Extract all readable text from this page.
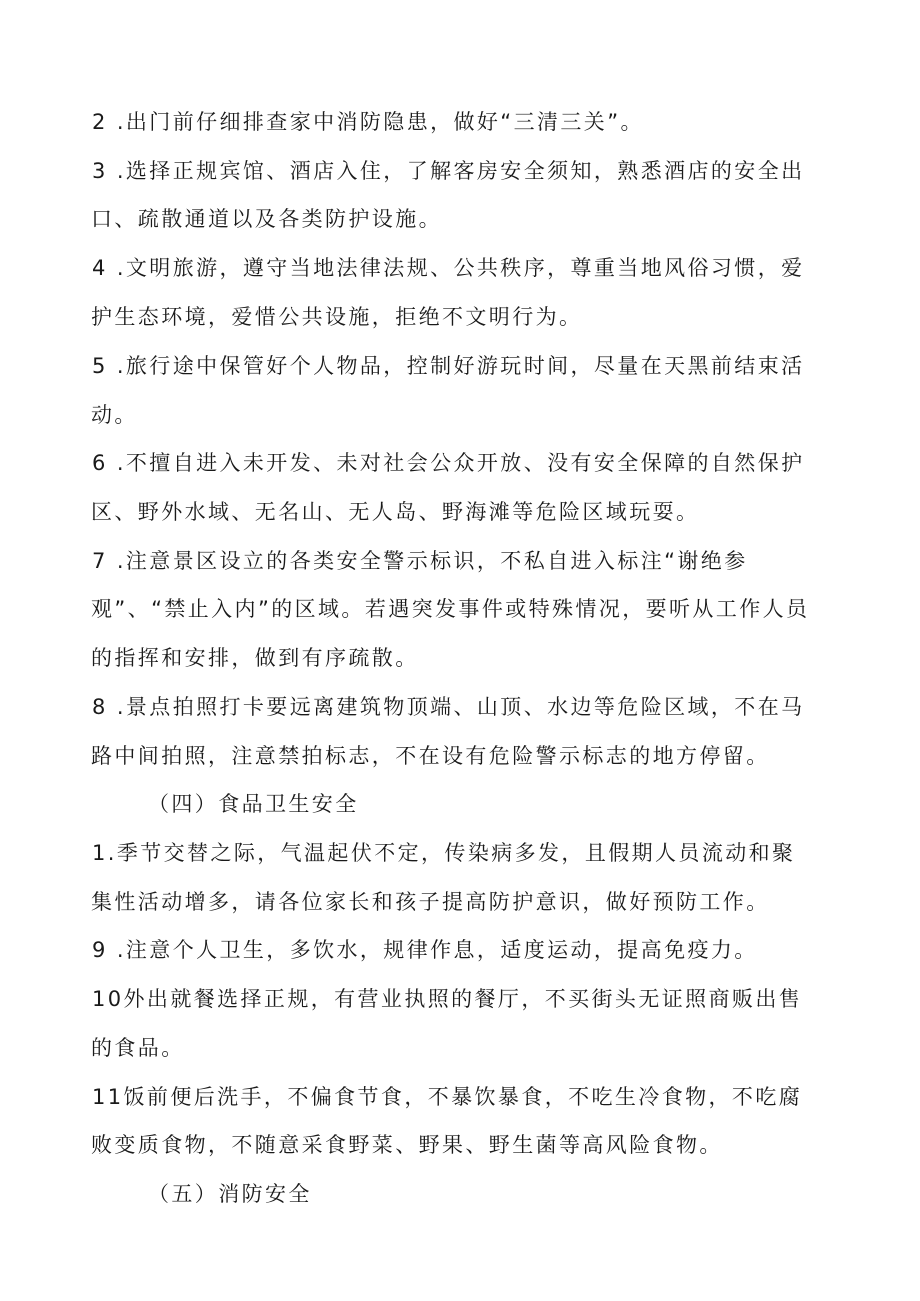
2 .出门前仔细排查家中消防隐患，做好“三清三关”。
3 .选择正规宾馆、酒店入住，了解客房安全须知，熟悉酒店的安全出
口、疏散通道以及各类防护设施。
4 .文明旅游，遵守当地法律法规、公共秩序，尊重当地风俗习惯，爱
护生态环境，爱惜公共设施，拒绝不文明行为。
5 .旅行途中保管好个人物品，控制好游玩时间，尽量在天黑前结束活
动。
6 .不擅自进入未开发、未对社会公众开放、没有安全保障的自然保护
区、野外水域、无名山、无人岛、野海滩等危险区域玩耍。
7 .注意景区设立的各类安全警示标识，不私自进入标注“谢绝参
观”、“禁止入内”的区域。若遇突发事件或特殊情况，要听从工作人员
的指挥和安排，做到有序疏散。
8 .景点拍照打卡要远离建筑物顶端、山顶、水边等危险区域，不在马
路中间拍照，注意禁拍标志，不在设有危险警示标志的地方停留。
（四）食品卫生安全
1.季节交替之际，气温起伏不定，传染病多发，且假期人员流动和聚
集性活动增多，请各位家长和孩子提高防护意识，做好预防工作。
9 .注意个人卫生，多饮水，规律作息，适度运动，提高免疫力。
10外出就餐选择正规，有营业执照的餐厅，不买街头无证照商贩出售
的食品。
11饭前便后洗手，不偏食节食，不暴饮暴食，不吃生冷食物，不吃腐
败变质食物，不随意采食野菜、野果、野生菌等高风险食物。
（五）消防安全
